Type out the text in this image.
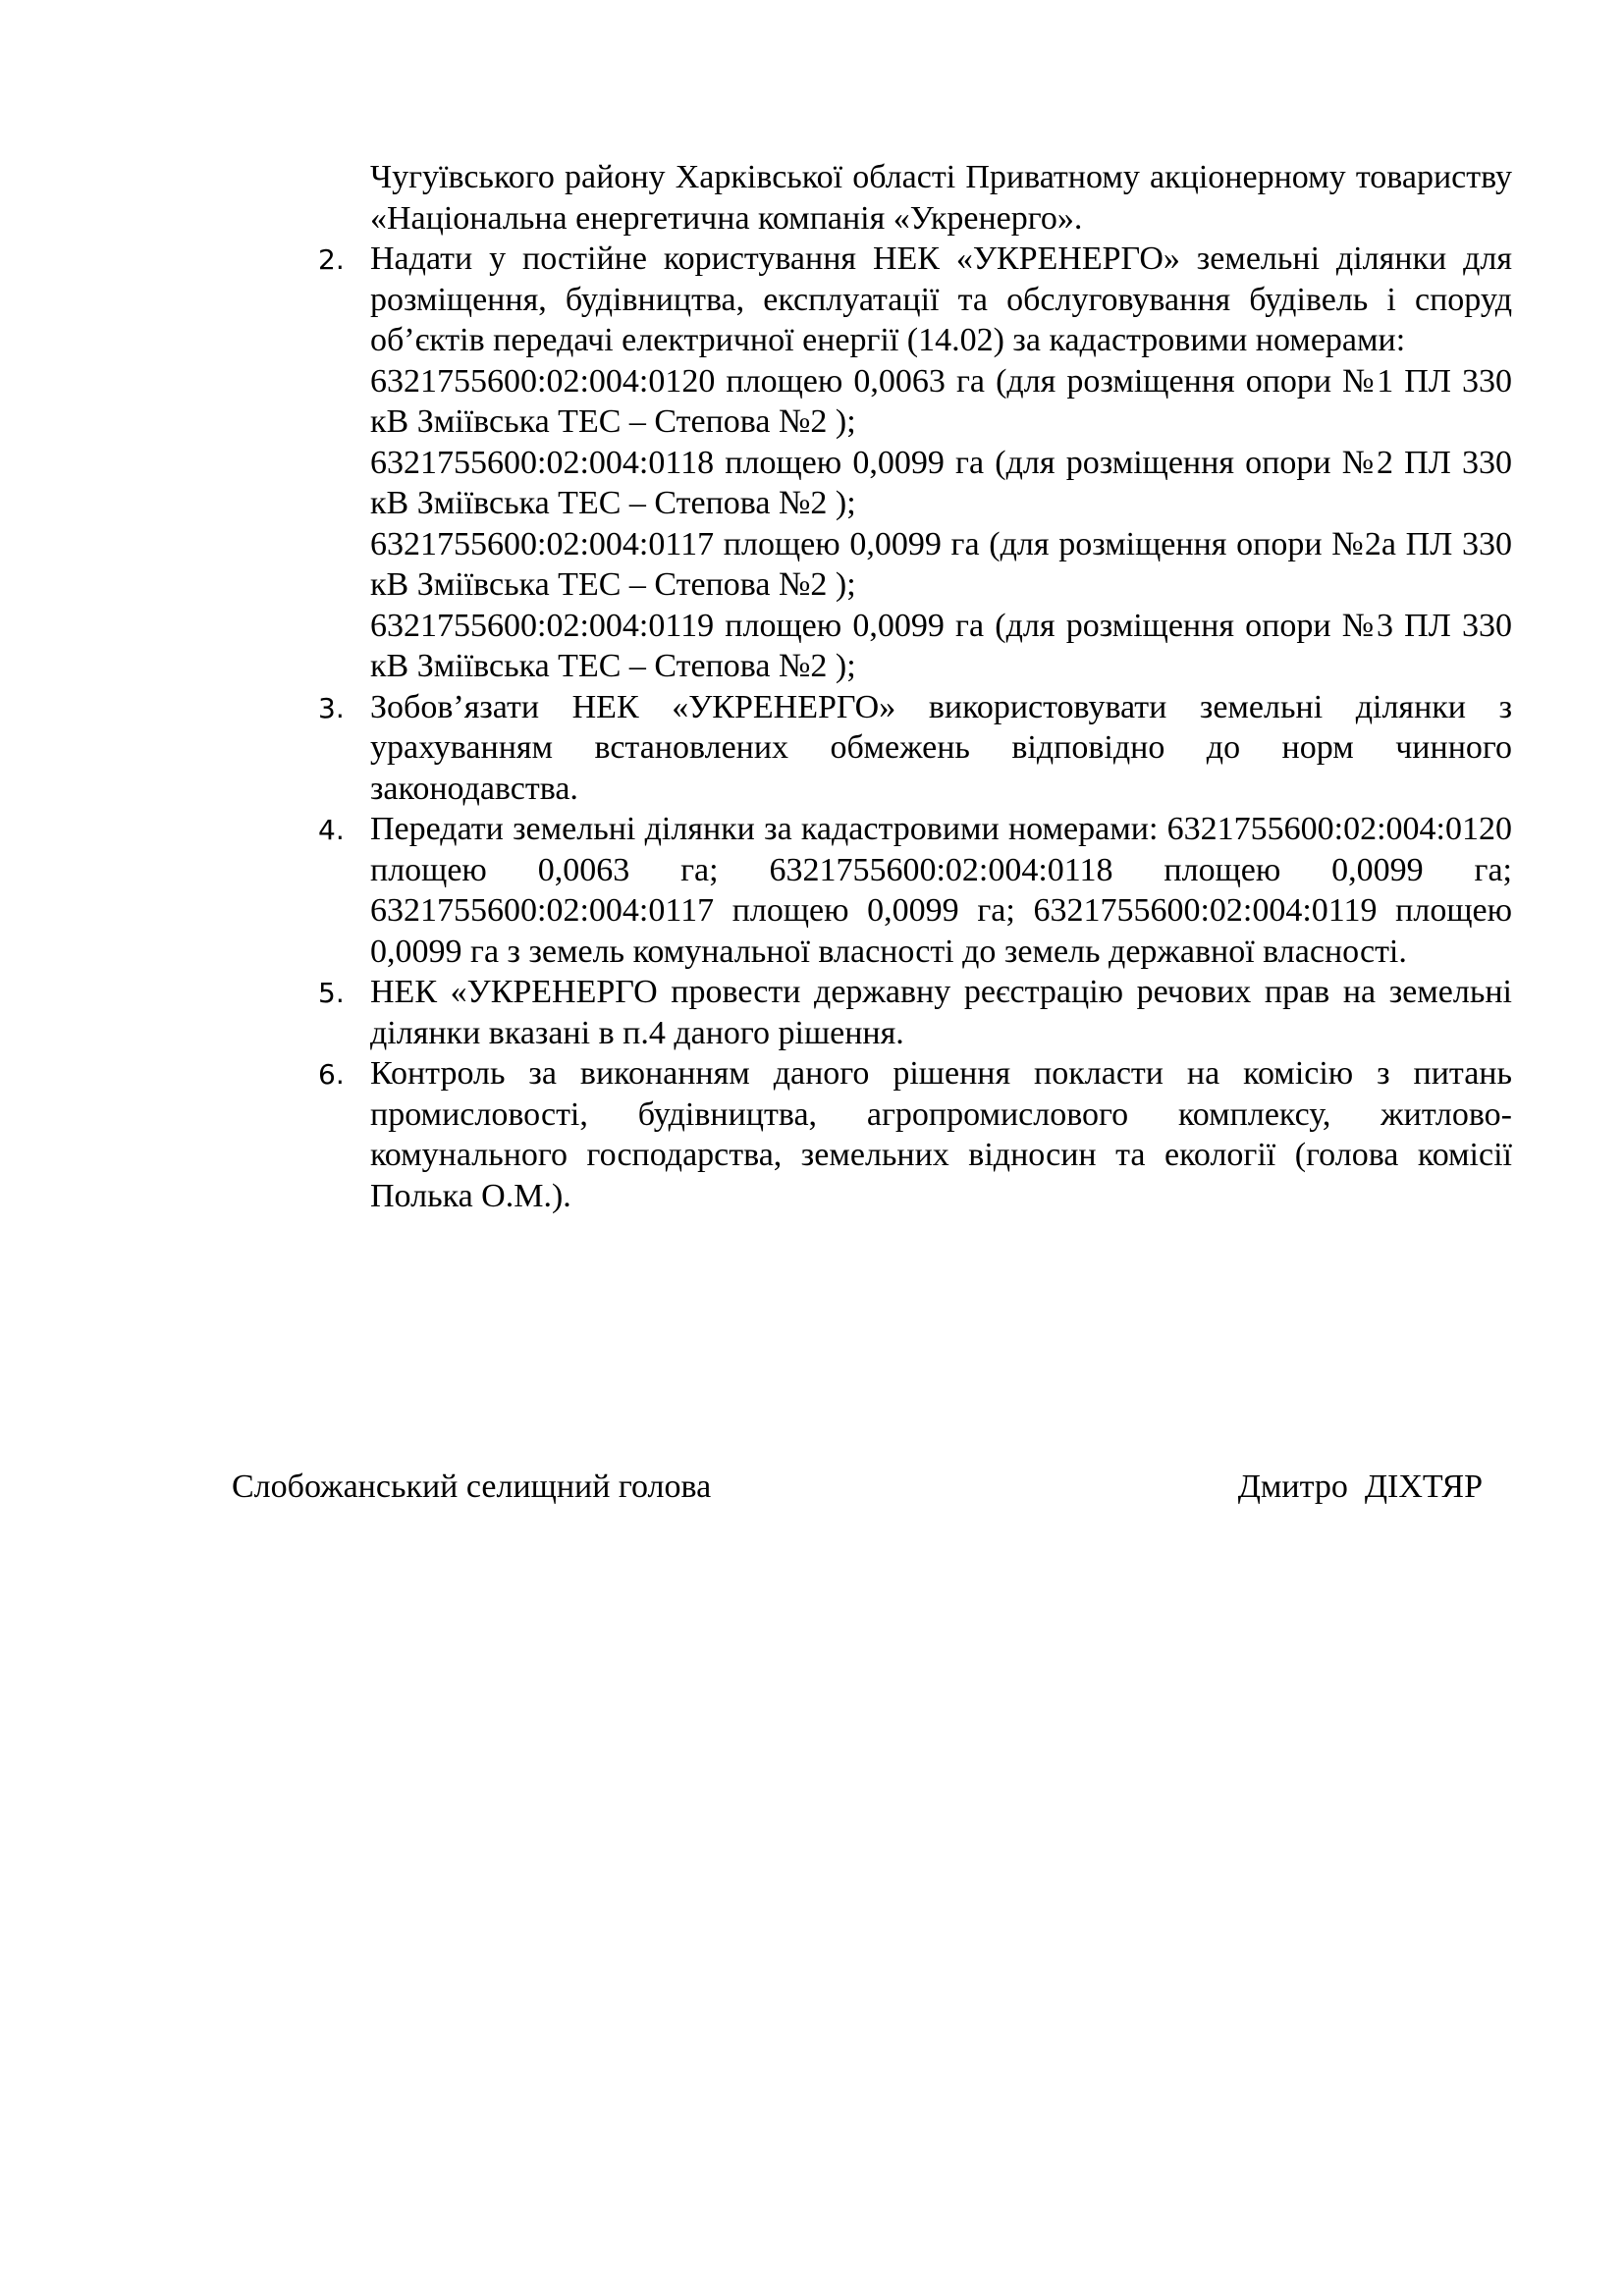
Чугуївського району Харківської області Приватному акціонерному товариству «Національна енергетична компанія «Укренерго».

2. Надати у постійне користування НЕК «УКРЕНЕРГО» земельні ділянки для розміщення, будівництва, експлуатації та обслуговування будівель і споруд об’єктів передачі електричної енергії (14.02) за кадастровими номерами:

6321755600:02:004:0120 площею 0,0063 га (для розміщення опори №1 ПЛ 330 кВ Зміївська ТЕС – Степова №2 );

6321755600:02:004:0118 площею 0,0099 га (для розміщення опори №2 ПЛ 330 кВ Зміївська ТЕС – Степова №2 );

6321755600:02:004:0117 площею 0,0099 га (для розміщення опори №2а ПЛ 330 кВ Зміївська ТЕС – Степова №2 );

6321755600:02:004:0119 площею 0,0099 га (для розміщення опори №3 ПЛ 330 кВ Зміївська ТЕС – Степова №2 );

3. Зобов’язати НЕК «УКРЕНЕРГО» використовувати земельні ділянки з урахуванням встановлених обмежень відповідно до норм чинного законодавства.

4. Передати земельні ділянки за кадастровими номерами: 6321755600:02:004:0120 площею 0,0063 га; 6321755600:02:004:0118 площею 0,0099 га; 6321755600:02:004:0117 площею 0,0099 га; 6321755600:02:004:0119 площею 0,0099 га з земель комунальної власності до земель державної власності.

5. НЕК «УКРЕНЕРГО провести державну реєстрацію речових прав на земельні ділянки вказані в п.4 даного рішення.

6. Контроль за виконанням даного рішення покласти на комісію з питань промисловості, будівництва, агропромислового комплексу, житлово-комунального господарства, земельних відносин та екології (голова комісії Полька О.М.).

Слобожанський селищний голова	Дмитро  ДІХТЯР
